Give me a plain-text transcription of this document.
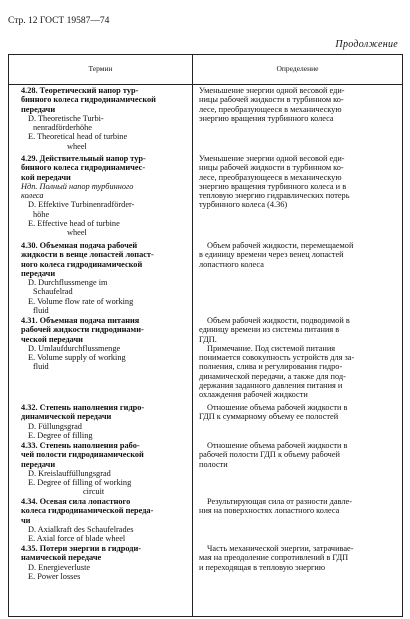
Стр. 12 ГОСТ 19587—74
Продолжение
Термин	Определение
4.28. Теоретический напор тур-
бинного колеса гидродинамической
передачи
D. Theoretische Turbi-
nenradförderhöhe
E. Theoretical head of turbine
wheel
Уменьшение энергии одной весовой еди-
ницы рабочей жидкости в турбинном ко-
лесе, преобразующееся в механическую
энергию вращения турбинного колеса
4.29. Действительный напор тур-
бинного колеса гидродинамичес-
кой передачи
Ндп. Полный напор турбинного
колеса
D. Effektive Turbinenradförder-
höhe
E. Effective head of turbine
wheel
Уменьшение энергии одной весовой еди-
ницы рабочей жидкости в турбинном ко-
лесе, преобразующееся в механическую
энергию вращения турбинного колеса и в
тепловую энергию гидравлических потерь
турбинного колеса (4.36)
4.30. Объемная подача рабочей
жидкости в венце лопастей лопаст-
ного колеса гидродинамической
передачи
D. Durchflussmenge im
Schaufelrad
E. Volume flow rate of working
fluid
Объем рабочей жидкости, перемещаемой
в единицу времени через венец лопастей
лопастного колеса
4.31. Объемная подача питания
рабочей жидкости гидродинами-
ческой передачи
D. Umlaufdurchflussmenge
E. Volume supply of working
fluid
Объем рабочей жидкости, подводимой в
единицу времени из системы питания в
ГДП.
Примечание. Под системой питания
понимается совокупность устройств для за-
полнения, слива и регулирования гидро-
динамической передачи, а также для под-
держания заданного давления питания и
охлаждения рабочей жидкости
4.32. Степень наполнения гидро-
динамической передачи
D. Füllungsgrad
E. Degree of filling
Отношение объема рабочей жидкости в
ГДП к суммарному объему ее полостей
4.33. Степень наполнения рабо-
чей полости гидродинамической
передачи
D. Kreislauffüllungsgrad
E. Degree of filling of working
circuit
Отношение объема рабочей жидкости в
рабочей полости ГДП к объему рабочей
полости
4.34. Осевая сила лопастного
колеса гидродинамической переда-
чи
D. Axialkraft des Schaufelrades
E. Axial force of blade wheel
Результирующая сила от разности давле-
ния на поверхностях лопастного колеса
4.35. Потери энергии в гидроди-
намической передаче
D. Energieverluste
E. Power losses
Часть механической энергии, затрачивае-
мая на преодоление сопротивлений в ГДП
и переходящая в тепловую энергию
